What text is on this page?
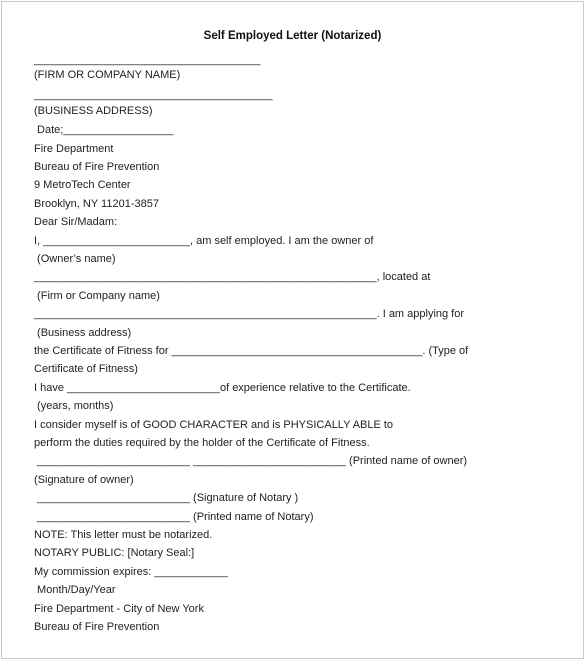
Self Employed Letter (Notarized)
_____________________________________
(FIRM OR COMPANY NAME)
_______________________________________
(BUSINESS ADDRESS)
Date;__________________
Fire Department
Bureau of Fire Prevention
9 MetroTech Center
Brooklyn, NY 11201-3857
Dear Sir/Madam:
I, ________________________, am self employed. I am the owner of
(Owner’s name)
________________________________________________________, located at
(Firm or Company name)
________________________________________________________. I am applying for
(Business address)
the Certificate of Fitness for _________________________________________. (Type of
Certificate of Fitness)
I have _________________________of experience relative to the Certificate.
(years, months)
I consider myself is of GOOD CHARACTER and is PHYSICALLY ABLE to
perform the duties required by the holder of the Certificate of Fitness.
_________________________ _________________________ (Printed name of owner)
(Signature of owner)
_________________________ (Signature of Notary )
_________________________ (Printed name of Notary)
NOTE: This letter must be notarized.
NOTARY PUBLIC: [Notary Seal:]
My commission expires: ____________
Month/Day/Year
Fire Department - City of New York
Bureau of Fire Prevention
